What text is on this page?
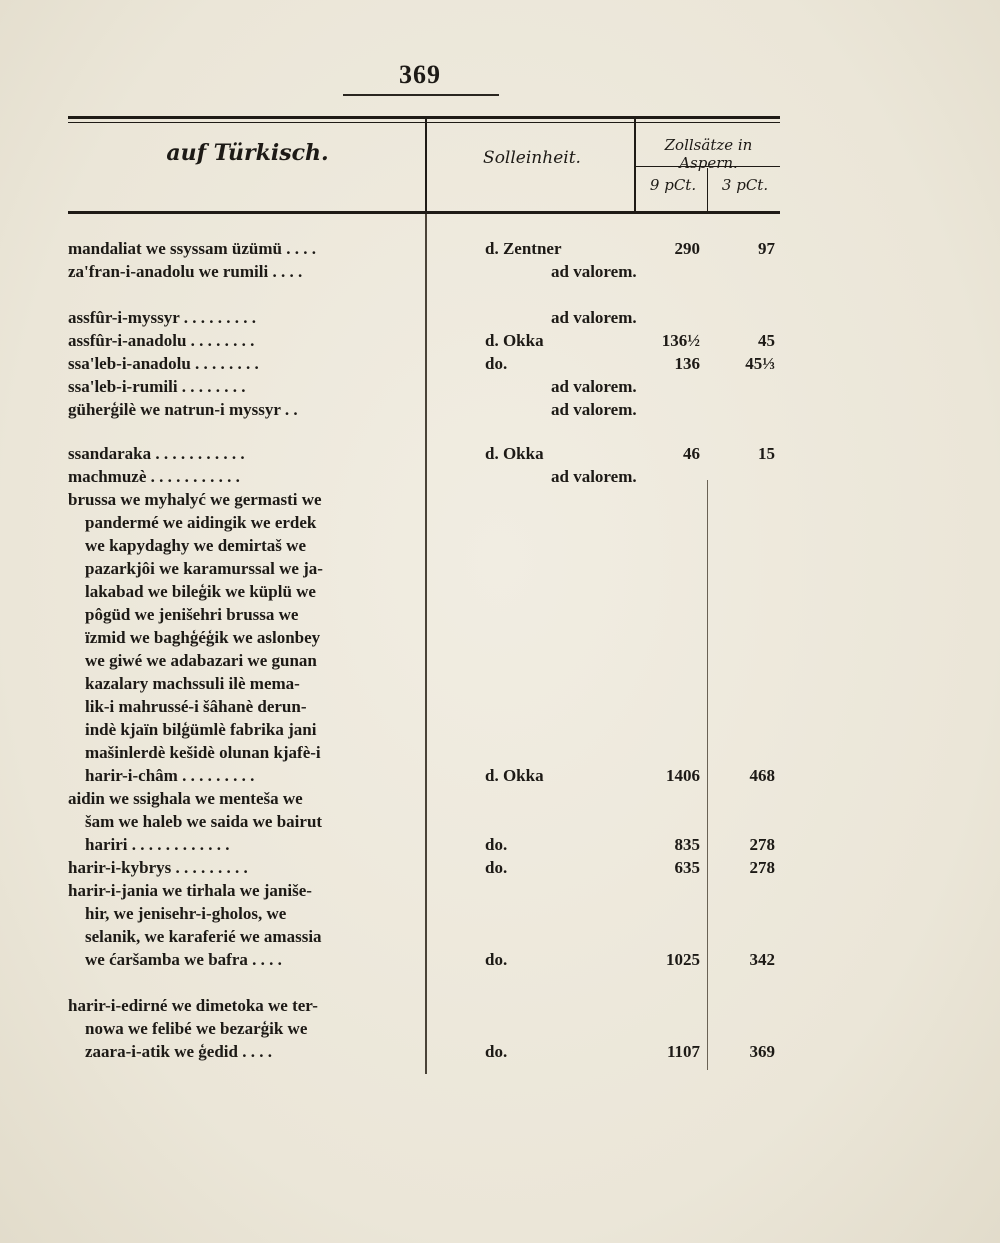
369
auf Türkisch.	Solleinheit.
Zollsätze in Aspern.
9 pCt.	3 pCt.
mandaliat we ssyssam üzümü . . . .	d. Zentner	290	97
za'fran-i-anadolu we rumili . . . .	ad valorem.
assfûr-i-myssyr . . . . . . . . .	ad valorem.
assfûr-i-anadolu . . . . . . . .	d. Okka	136½	45
ssa'leb-i-anadolu . . . . . . . .	do.	136	45⅓
ssa'leb-i-rumili . . . . . . . .	ad valorem.
güherģilè we natrun-i myssyr . .	ad valorem.
ssandaraka . . . . . . . . . . .	d. Okka	46	15
machmuzè . . . . . . . . . . .	ad valorem.
brussa we myhalyć we germasti we
pandermé we aidingik we erdek
we kapydaghy we demirtaš we
pazarkjôi we karamurssal we ja-
lakabad we bileģik we küplü we
pôgüd we jenišehri brussa we
ïzmid we baghģéģik we aslonbey
we giwé we adabazari we gunan
kazalary machssuli ilè mema-
lik-i mahrussé-i šâhanè derun-
indè kjaïn bilģümlè fabrika jani
mašinlerdè kešidè olunan kjafè-i
harir-i-châm . . . . . . . . .	d. Okka	1406	468
aidin we ssighala we menteša we
šam we haleb we saida we bairut
hariri . . . . . . . . . . . .	do.	835	278
harir-i-kybrys . . . . . . . . .	do.	635	278
harir-i-jania we tirhala we janiše-
hir, we jenisehr-i-gholos, we
selanik, we karaferié we amassia
we ćaršamba we bafra . . . .	do.	1025	342
harir-i-edirné we dimetoka we ter-
nowa we felibé we bezarģik we
zaara-i-atik we ģedid . . . .	do.	1107	369
